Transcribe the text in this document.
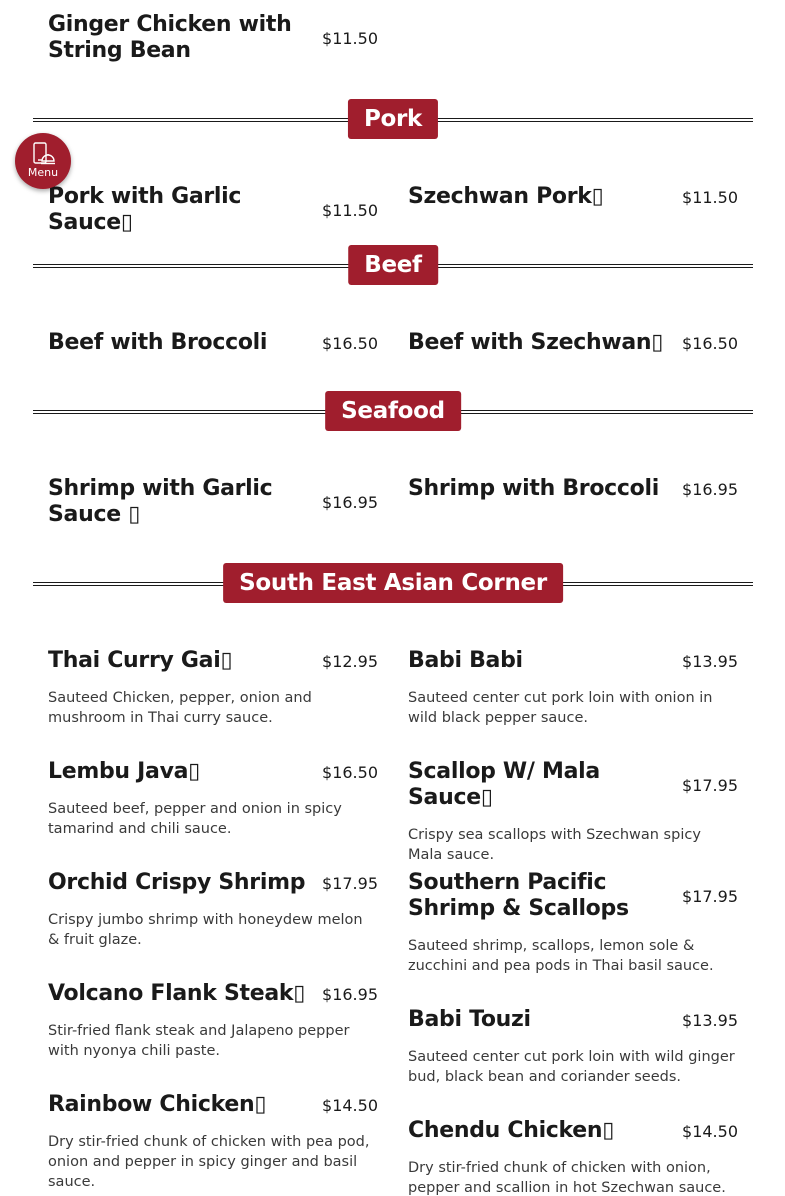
Ginger Chicken with String Bean	$11.50
Pork
Pork with Garlic Sauce▯	$11.50
Szechwan Pork▯	$11.50
Beef
Beef with Broccoli	$16.50 Beef with Szechwan▯	$16.50
Seafood
Shrimp with Garlic Sauce ▯	$16.95
Shrimp with Broccoli	$16.95
South East Asian Corner
Thai Curry Gai▯	$12.95
Sauteed Chicken, pepper, onion and mushroom in Thai curry sauce.
Lembu Java▯	$16.50
Sauteed beef, pepper and onion in spicy tamarind and chili sauce.
Orchid Crispy Shrimp	$17.95
Crispy jumbo shrimp with honeydew melon & fruit glaze.
Volcano Flank Steak▯	$16.95
Stir-fried flank steak and Jalapeno pepper with nyonya chili paste.
Rainbow Chicken▯	$14.50
Dry stir-fried chunk of chicken with pea pod, onion and pepper in spicy ginger and basil sauce.
Babi Babi	$13.95
Sauteed center cut pork loin with onion in wild black pepper sauce.
Scallop W/ Mala Sauce▯	$17.95
Crispy sea scallops with Szechwan spicy Mala sauce.
Southern Pacific Shrimp & Scallops	$17.95
Sauteed shrimp, scallops, lemon sole & zucchini and pea pods in Thai basil sauce.
Babi Touzi	$13.95
Sauteed center cut pork loin with wild ginger bud, black bean and coriander seeds.
Chendu Chicken▯	$14.50
Dry stir-fried chunk of chicken with onion, pepper and scallion in hot Szechwan sauce.
Menu
